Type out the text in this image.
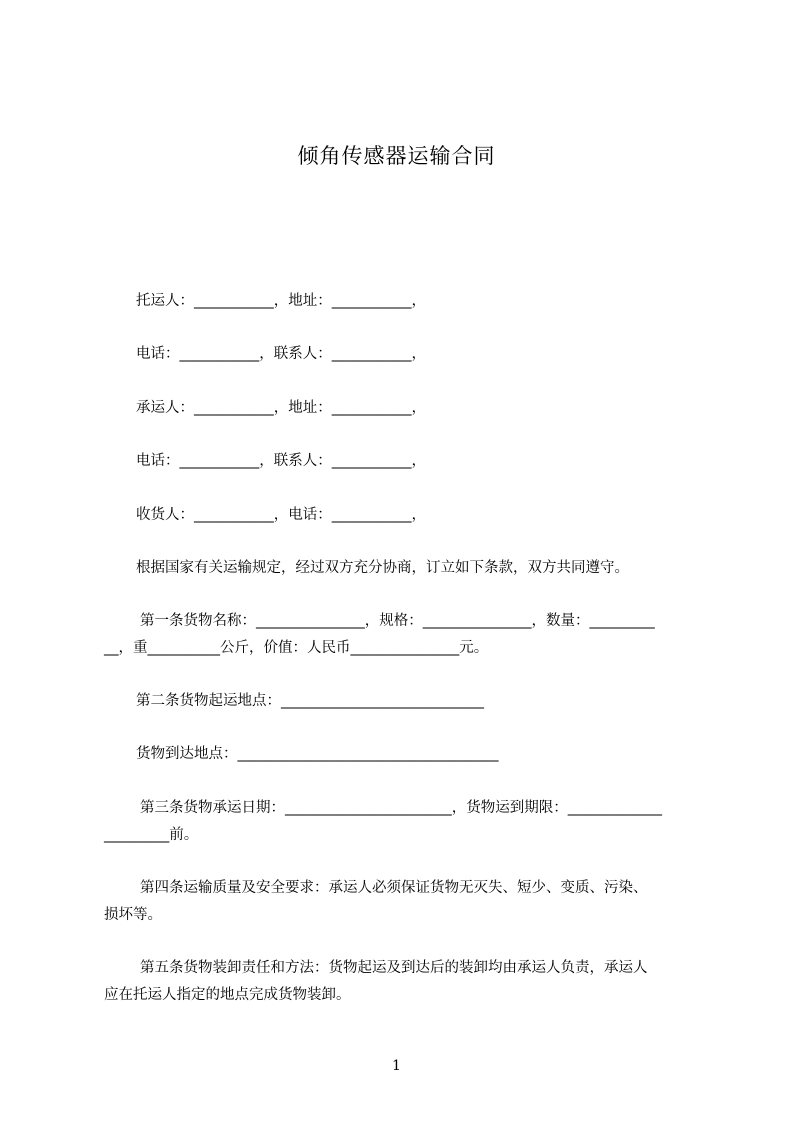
倾角传感器运输合同
托运人：___________，地址：___________，
电话：___________，联系人：___________，
承运人：___________，地址：___________，
电话：___________，联系人：___________，
收货人：___________，电话：___________，
根据国家有关运输规定，经过双方充分协商，订立如下条款，双方共同遵守。
第一条货物名称：_______________，规格：_______________，数量：_________
__，重__________公斤，价值：人民币_______________元。
第二条货物起运地点：____________________________
货物到达地点：____________________________________
第三条货物承运日期：_______________________，货物运到期限：_____________
_________前。
第四条运输质量及安全要求：承运人必须保证货物无灭失、短少、变质、污染、
损坏等。
第五条货物装卸责任和方法：货物起运及到达后的装卸均由承运人负责，承运人
应在托运人指定的地点完成货物装卸。
1
